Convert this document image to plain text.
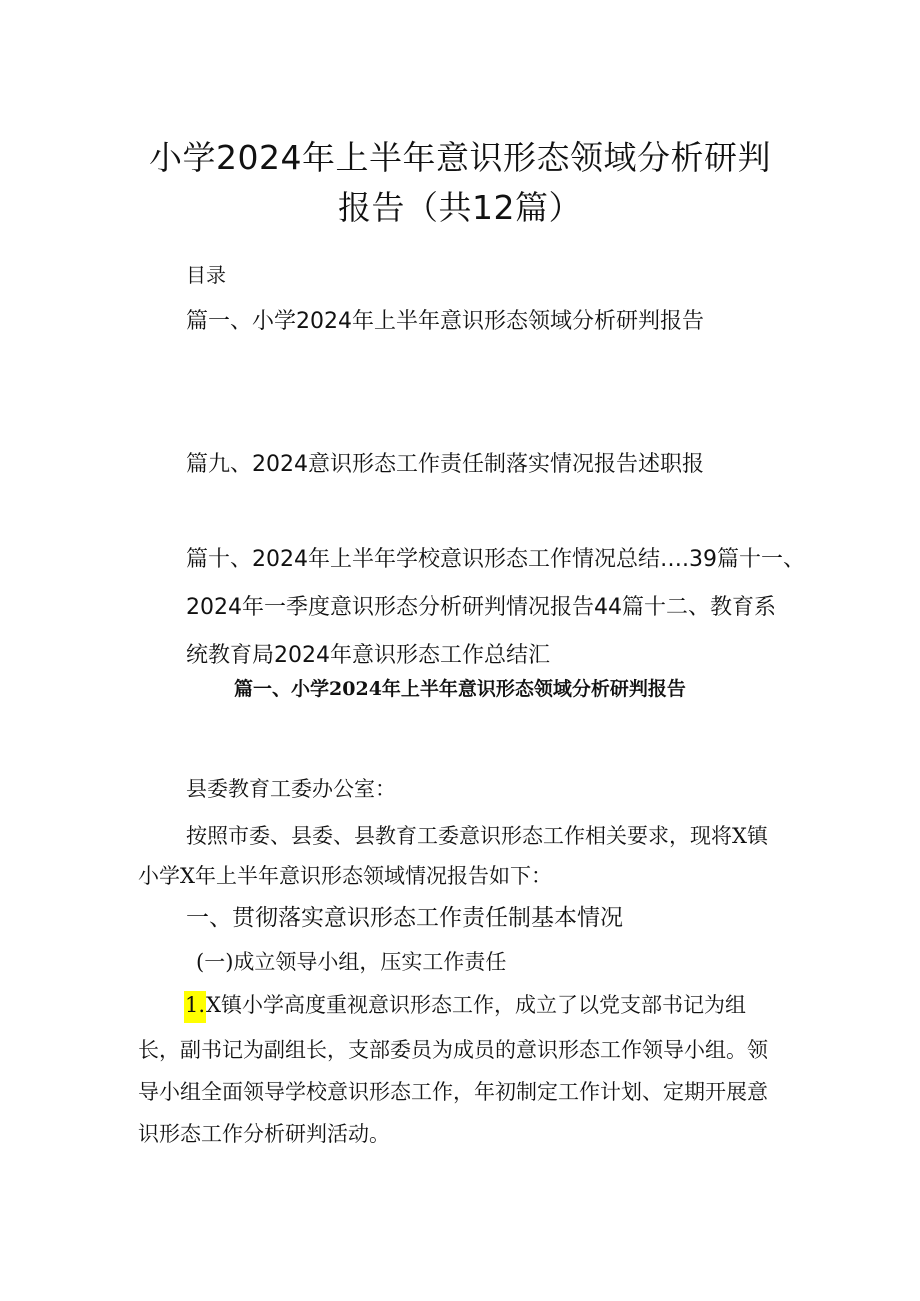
小学2024年上半年意识形态领域分析研判
报告（共12篇）
目录
篇一、小学2024年上半年意识形态领域分析研判报告
篇九、2024意识形态工作责任制落实情况报告述职报
篇十、2024年上半年学校意识形态工作情况总结….39篇十一、
2024年一季度意识形态分析研判情况报告44篇十二、教育系
统教育局2024年意识形态工作总结汇
篇一、小学2024年上半年意识形态领域分析研判报告
县委教育工委办公室：
按照市委、县委、县教育工委意识形态工作相关要求，现将X镇
小学X年上半年意识形态领域情况报告如下：
一、贯彻落实意识形态工作责任制基本情况
(一)成立领导小组，压实工作责任
1.X镇小学高度重视意识形态工作，成立了以党支部书记为组
长，副书记为副组长，支部委员为成员的意识形态工作领导小组。领
导小组全面领导学校意识形态工作，年初制定工作计划、定期开展意
识形态工作分析研判活动。
